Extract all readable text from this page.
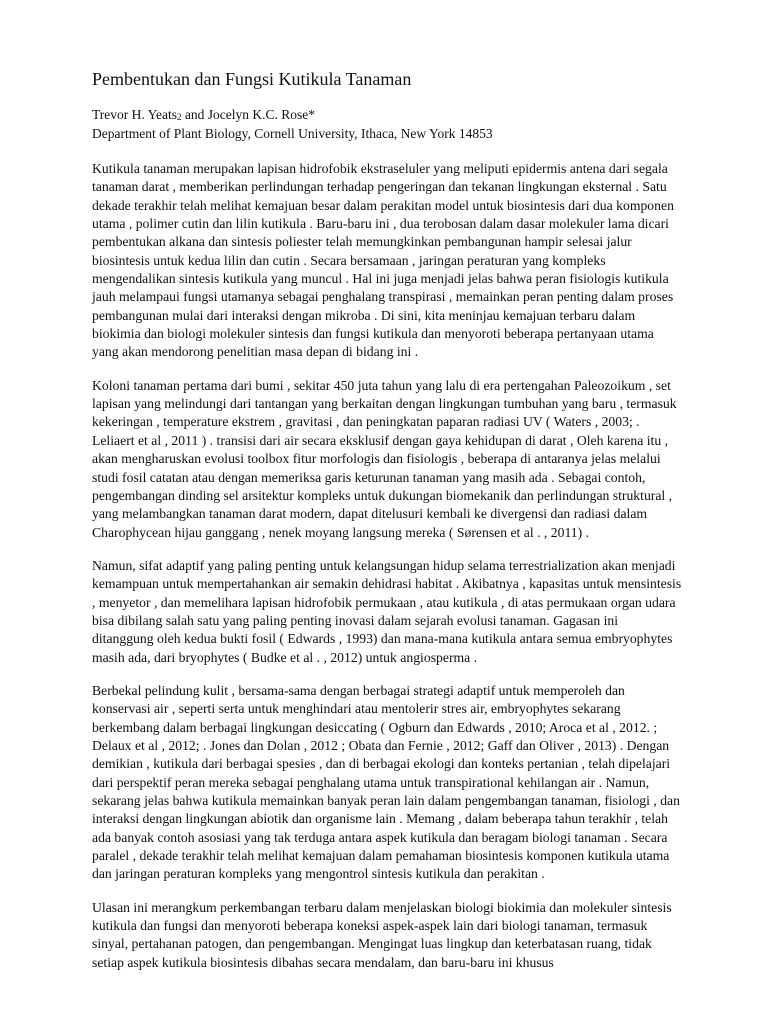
Pembentukan dan Fungsi Kutikula Tanaman
Trevor H. Yeats$^2$ and Jocelyn K.C. Rose*
Department of Plant Biology, Cornell University, Ithaca, New York 14853

Kutikula tanaman merupakan lapisan hidrofobik ekstraseluler yang meliputi epidermis antena dari segala tanaman darat , memberikan perlindungan terhadap pengeringan dan tekanan lingkungan eksternal . Satu dekade terakhir telah melihat kemajuan besar dalam perakitan model untuk biosintesis dari dua komponen utama , polimer cutin dan lilin kutikula . Baru-baru ini , dua terobosan dalam dasar molekuler lama dicari pembentukan alkana dan sintesis poliester telah memungkinkan pembangunan hampir selesai jalur biosintesis untuk kedua lilin dan cutin . Secara bersamaan , jaringan peraturan yang kompleks mengendalikan sintesis kutikula yang muncul . Hal ini juga menjadi jelas bahwa peran fisiologis kutikula jauh melampaui fungsi utamanya sebagai penghalang transpirasi , memainkan peran penting dalam proses pembangunan mulai dari interaksi dengan mikroba . Di sini, kita meninjau kemajuan terbaru dalam biokimia dan biologi molekuler sintesis dan fungsi kutikula dan menyoroti beberapa pertanyaan utama yang akan mendorong penelitian masa depan di bidang ini .

Koloni tanaman pertama dari bumi , sekitar 450 juta tahun yang lalu di era pertengahan Paleozoikum , set lapisan yang melindungi dari tantangan yang berkaitan dengan lingkungan tumbuhan yang baru , termasuk kekeringan , temperature ekstrem , gravitasi , dan peningkatan paparan radiasi UV ( Waters , 2003; . Leliaert et al , 2011 ) . transisi dari air secara eksklusif dengan gaya kehidupan di darat , Oleh karena itu , akan mengharuskan evolusi toolbox fitur morfologis dan fisiologis , beberapa di antaranya jelas melalui studi fosil catatan atau dengan memeriksa garis keturunan tanaman yang masih ada . Sebagai contoh, pengembangan dinding sel arsitektur kompleks untuk dukungan biomekanik dan perlindungan struktural , yang melambangkan tanaman darat modern, dapat ditelusuri kembali ke divergensi dan radiasi dalam Charophycean hijau ganggang , nenek moyang langsung mereka ( Sørensen et al . , 2011) .

Namun, sifat adaptif yang paling penting untuk kelangsungan hidup selama terrestrialization akan menjadi kemampuan untuk mempertahankan air semakin dehidrasi habitat . Akibatnya , kapasitas untuk mensintesis , menyetor , dan memelihara lapisan hidrofobik permukaan , atau kutikula , di atas permukaan organ udara bisa dibilang salah satu yang paling penting inovasi dalam sejarah evolusi tanaman. Gagasan ini ditanggung oleh kedua bukti fosil ( Edwards , 1993) dan mana-mana kutikula antara semua embryophytes masih ada, dari bryophytes ( Budke et al . , 2012) untuk angiosperma .

Berbekal pelindung kulit , bersama-sama dengan berbagai strategi adaptif untuk memperoleh dan konservasi air , seperti serta untuk menghindari atau mentolerir stres air, embryophytes sekarang berkembang dalam berbagai lingkungan desiccating ( Ogburn dan Edwards , 2010; Aroca et al , 2012. ; Delaux et al , 2012; . Jones dan Dolan , 2012 ; Obata dan Fernie , 2012; Gaff dan Oliver , 2013) . Dengan demikian , kutikula dari berbagai spesies , dan di berbagai ekologi dan konteks pertanian , telah dipelajari dari perspektif peran mereka sebagai penghalang utama untuk transpirational kehilangan air . Namun, sekarang jelas bahwa kutikula memainkan banyak peran lain dalam pengembangan tanaman, fisiologi , dan interaksi dengan lingkungan abiotik dan organisme lain . Memang , dalam beberapa tahun terakhir , telah ada banyak contoh asosiasi yang tak terduga antara aspek kutikula dan beragam biologi tanaman . Secara paralel , dekade terakhir telah melihat kemajuan dalam pemahaman biosintesis komponen kutikula utama dan jaringan peraturan kompleks yang mengontrol sintesis kutikula dan perakitan .

Ulasan ini merangkum perkembangan terbaru dalam menjelaskan biologi biokimia dan molekuler sintesis kutikula dan fungsi dan menyoroti beberapa koneksi aspek-aspek lain dari biologi tanaman, termasuk sinyal, pertahanan patogen, dan pengembangan. Mengingat luas lingkup dan keterbatasan ruang, tidak setiap aspek kutikula biosintesis dibahas secara mendalam, dan baru-baru ini khusus
